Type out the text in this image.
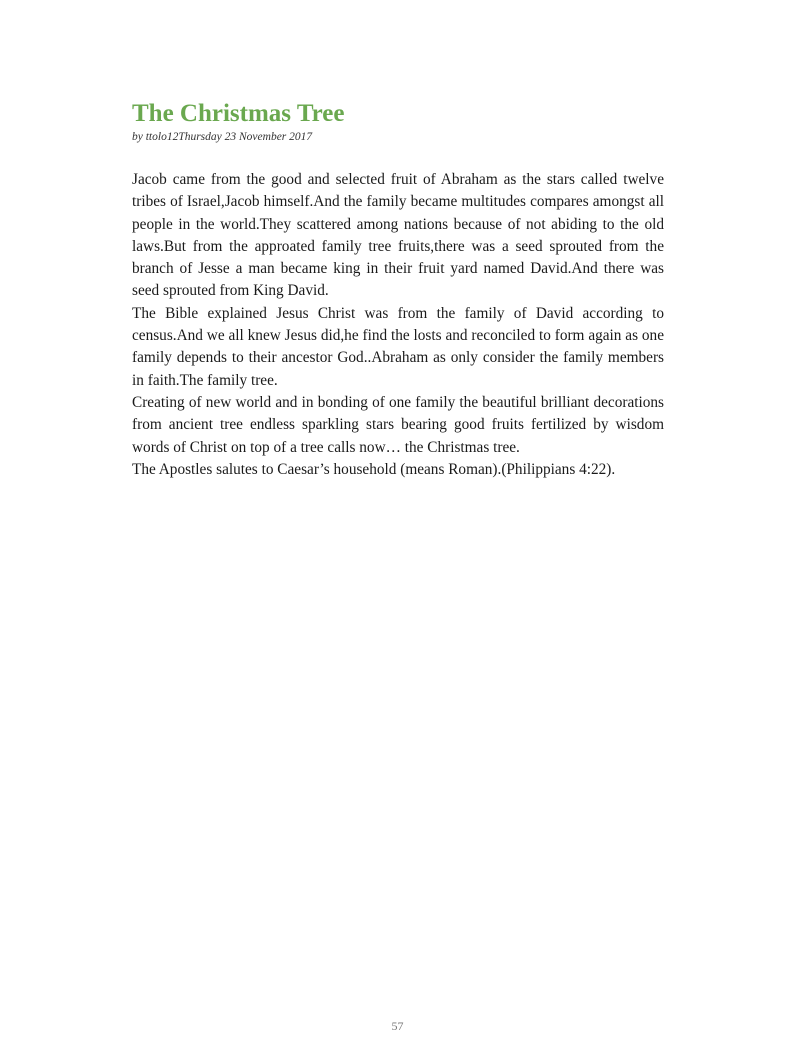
The Christmas Tree

by ttolo12Thursday 23 November 2017

Jacob came from the good and selected fruit of Abraham as the stars called twelve tribes of Israel,Jacob himself.And the family became multitudes compares amongst all people in the world.They scattered among nations because of not abiding to the old laws.But from the approated family tree fruits,there was a seed sprouted from the branch of Jesse a man became king in their fruit yard named David.And there was seed sprouted from King David.

The Bible explained Jesus Christ was from the family of David according to census.And we all knew Jesus did,he find the losts and reconciled to form again as one family depends to their ancestor God..Abraham as only consider the family members in faith.The family tree.

Creating of new world and in bonding of one family the beautiful brilliant decorations from ancient tree endless sparkling stars bearing good fruits fertilized by wisdom words of Christ on top of a tree calls now… the Christmas tree.

The Apostles salutes to Caesar’s household (means Roman).(Philippians 4:22).

57
